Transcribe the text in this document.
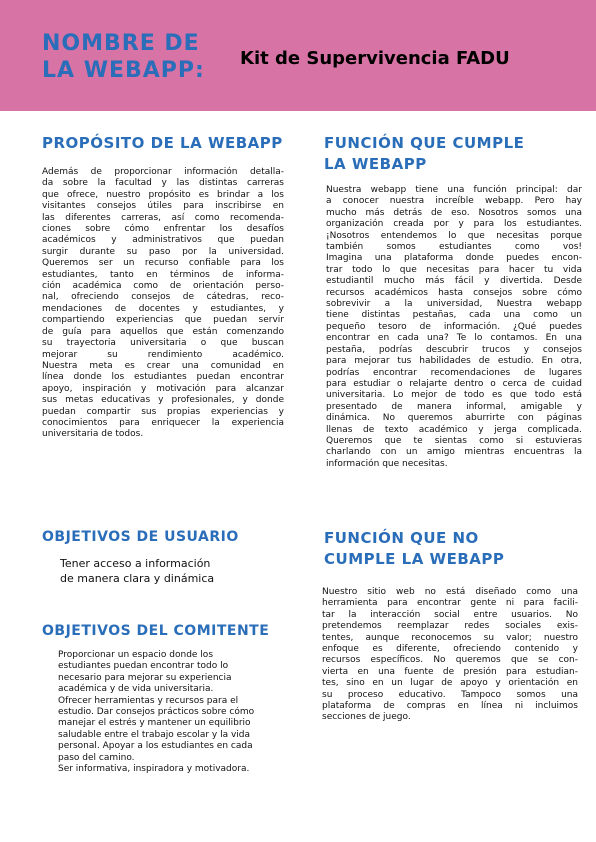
NOMBRE DE
LA WEBAPP:	Kit de Supervivencia FADU
PROPÓSITO DE LA WEBAPP
Además de proporcionar información detalla-
da sobre la facultad y las distintas carreras
que ofrece, nuestro propósito es brindar a los
visitantes consejos útiles para inscribirse en
las diferentes carreras, así como recomenda-
ciones sobre cómo enfrentar los desafíos
académicos y administrativos que puedan
surgir durante su paso por la universidad.
Queremos ser un recurso confiable para los
estudiantes, tanto en términos de informa-
ción académica como de orientación perso-
nal, ofreciendo consejos de cátedras, reco-
mendaciones de docentes y estudiantes, y
compartiendo experiencias que puedan servir
de guía para aquellos que están comenzando
su trayectoria universitaria o que buscan
mejorar su rendimiento académico.
Nuestra meta es crear una comunidad en
línea donde los estudiantes puedan encontrar
apoyo, inspiración y motivación para alcanzar
sus metas educativas y profesionales, y donde
puedan compartir sus propias experiencias y
conocimientos para enriquecer la experiencia
universitaria de todos.
FUNCIÓN QUE CUMPLE
LA WEBAPP
Nuestra webapp tiene una función principal: dar
a conocer nuestra increíble webapp. Pero hay
mucho más detrás de eso. Nosotros somos una
organización creada por y para los estudiantes.
¡Nosotros entendemos lo que necesitas porque
también somos estudiantes como vos!
Imagina una plataforma donde puedes encon-
trar todo lo que necesitas para hacer tu vida
estudiantil mucho más fácil y divertida. Desde
recursos académicos hasta consejos sobre cómo
sobrevivir a la universidad, Nuestra webapp
tiene distintas pestañas, cada una como un
pequeño tesoro de información. ¿Qué puedes
encontrar en cada una? Te lo contamos. En una
pestaña, podrías descubrir trucos y consejos
para mejorar tus habilidades de estudio. En otra,
podrías encontrar recomendaciones de lugares
para estudiar o relajarte dentro o cerca de cuidad
universitaria. Lo mejor de todo es que todo está
presentado de manera informal, amigable y
dinámica. No queremos aburrirte con páginas
llenas de texto académico y jerga complicada.
Queremos que te sientas como si estuvieras
charlando con un amigo mientras encuentras la
información que necesitas.
OBJETIVOS DE USUARIO
Tener acceso a información
de manera clara y dinámica
FUNCIÓN QUE NO
CUMPLE LA WEBAPP
Nuestro sitio web no está diseñado como una
herramienta para encontrar gente ni para facili-
tar la interacción social entre usuarios. No
pretendemos reemplazar redes sociales exis-
tentes, aunque reconocemos su valor; nuestro
enfoque es diferente, ofreciendo contenido y
recursos específicos. No queremos que se con-
vierta en una fuente de presión para estudian-
tes, sino en un lugar de apoyo y orientación en
su proceso educativo. Tampoco somos una
plataforma de compras en línea ni incluimos
secciones de juego.
OBJETIVOS DEL COMITENTE
Proporcionar un espacio donde los
estudiantes puedan encontrar todo lo
necesario para mejorar su experiencia
académica y de vida universitaria.
Ofrecer herramientas y recursos para el
estudio. Dar consejos prácticos sobre cómo
manejar el estrés y mantener un equilibrio
saludable entre el trabajo escolar y la vida
personal. Apoyar a los estudiantes en cada
paso del camino.
Ser informativa, inspiradora y motivadora.
